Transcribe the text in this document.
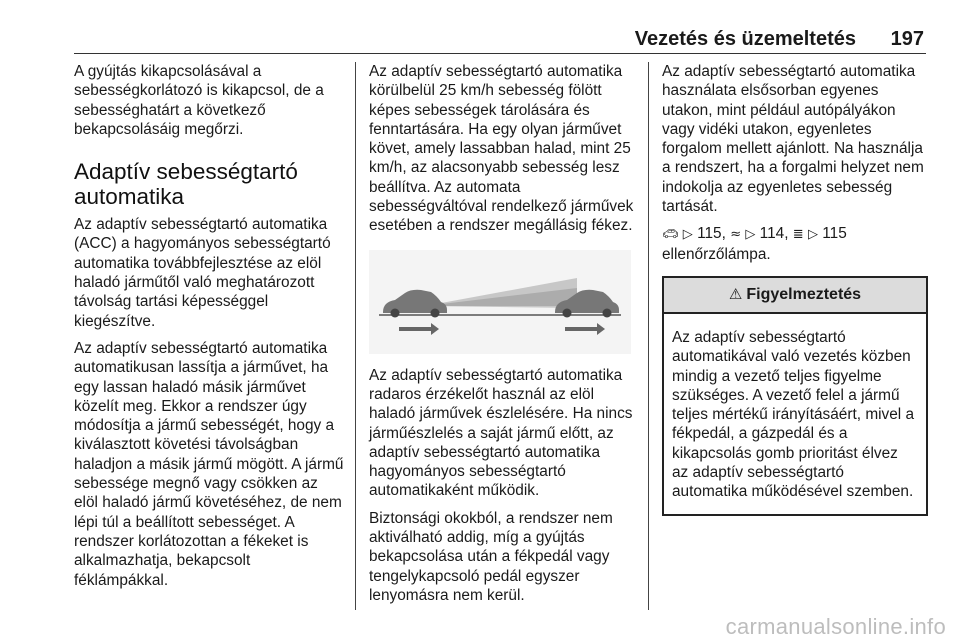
Vezetés és üzemeltetés 197

A gyújtás kikapcsolásával a sebességkorlátozó is kikapcsol, de a sebességhatárt a következő bekapcsolásáig megőrzi.

Adaptív sebességtartó automatika

Az adaptív sebességtartó automatika (ACC) a hagyományos sebességtartó automatika továbbfejlesztése az elöl haladó járműtől való meghatározott távolság tartási képességgel kiegészítve.

Az adaptív sebességtartó automatika automatikusan lassítja a járművet, ha egy lassan haladó másik járművet közelít meg. Ekkor a rendszer úgy módosítja a jármű sebességét, hogy a kiválasztott követési távolságban haladjon a másik jármű mögött. A jármű sebessége megnő vagy csökken az elöl haladó jármű követéséhez, de nem lépi túl a beállított sebességet. A rendszer korlátozottan a fékeket is alkalmazhatja, bekapcsolt féklámpákkal.

Az adaptív sebességtartó automatika körülbelül 25 km/h sebesség fölött képes sebességek tárolására és fenntartására. Ha egy olyan járművet követ, amely lassabban halad, mint 25 km/h, az alacsonyabb sebesség lesz beállítva. Az automata sebességváltóval rendelkező járművek esetében a rendszer megállásig fékez.

Az adaptív sebességtartó automatika radaros érzékelőt használ az elöl haladó járművek észlelésére. Ha nincs járműészlelés a saját jármű előtt, az adaptív sebességtartó automatika hagyományos sebességtartó automatikaként működik.

Biztonsági okokból, a rendszer nem aktiválható addig, míg a gyújtás bekapcsolása után a fékpedál vagy tengelykapcsoló pedál egyszer lenyomásra nem kerül.

Az adaptív sebességtartó automatika használata elsősorban egyenes utakon, mint például autópályákon vagy vidéki utakon, egyenletes forgalom mellett ajánlott. Na használja a rendszert, ha a forgalmi helyzet nem indokolja az egyenletes sebesség tartását.

🚗︎ ▷ 115, ≈ ▷ 114, ≣ ▷ 115
ellenőrzőlámpa.

⚠ Figyelmeztetés
Az adaptív sebességtartó automatikával való vezetés közben mindig a vezető teljes figyelme szükséges. A vezető felel a jármű teljes mértékű irányításáért, mivel a fékpedál, a gázpedál és a kikapcsolás gomb prioritást élvez az adaptív sebességtartó automatika működésével szemben.
carmanualsonline.info
